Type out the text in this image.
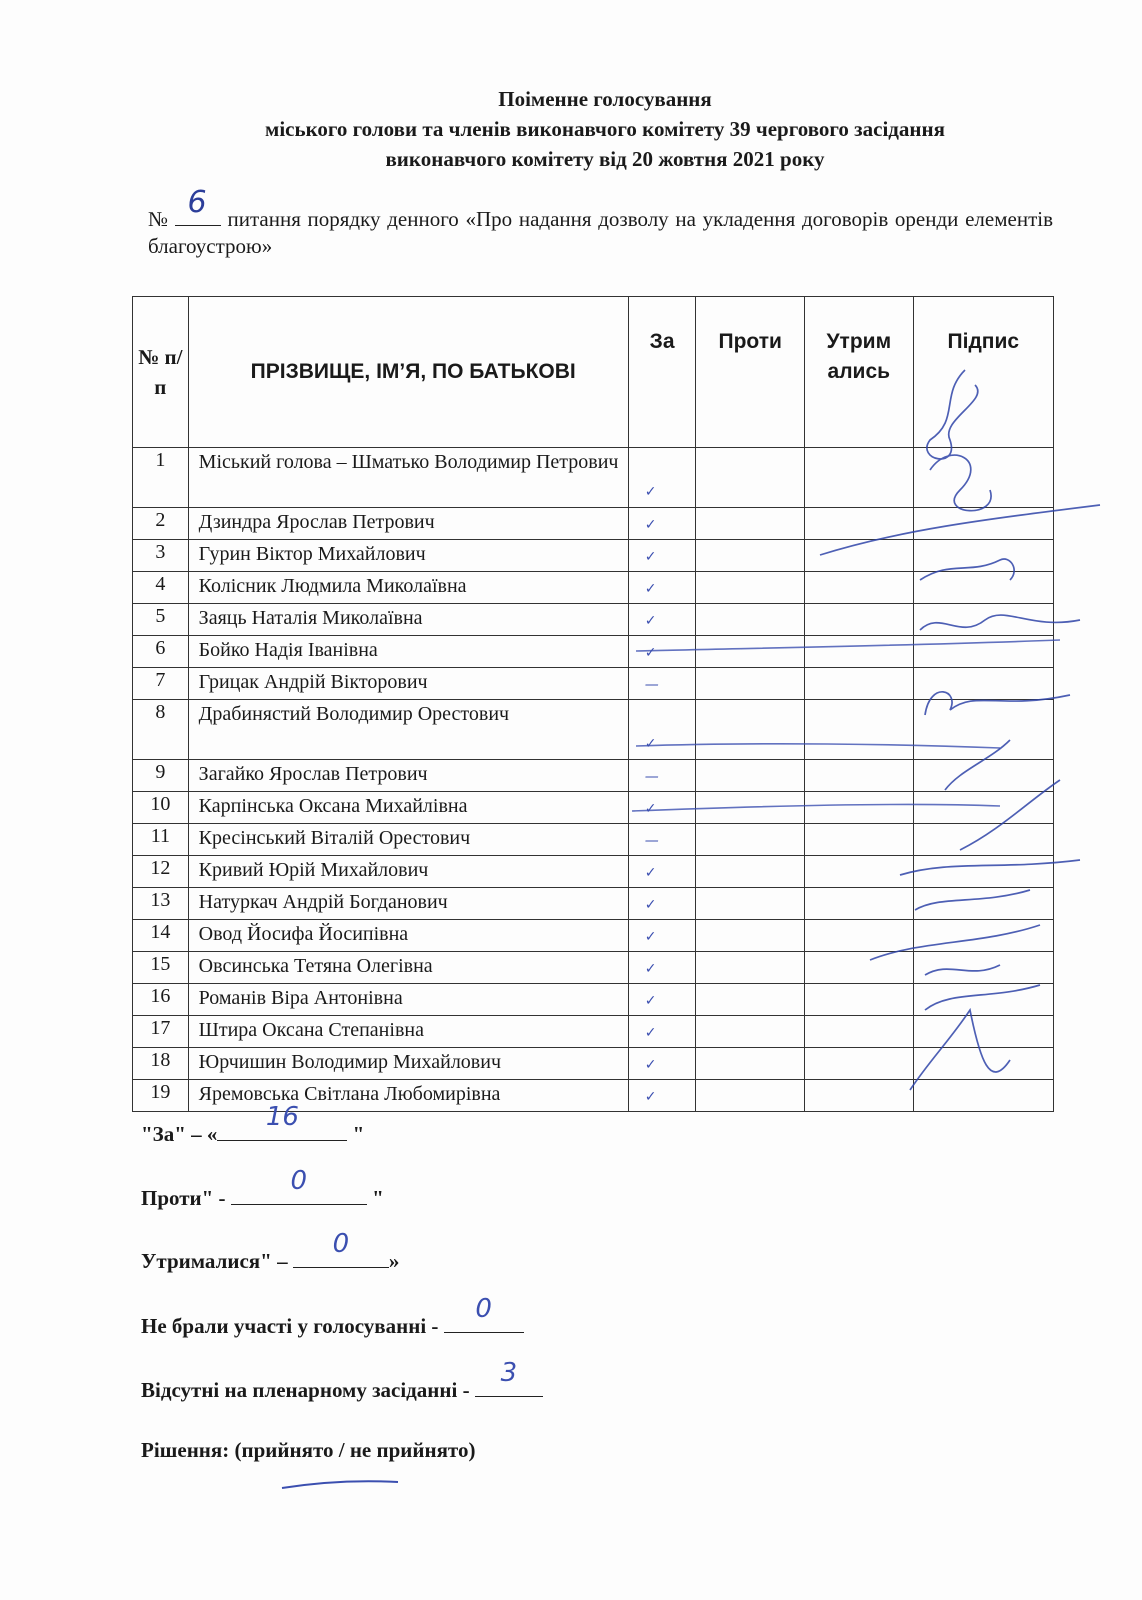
Поіменне голосування
міського голови та членів виконавчого комітету 39 чергового засідання
виконавчого комітету від 20 жовтня 2021 року
№ 6 питання порядку денного «Про надання дозволу на укладення договорів оренди елементів благоустрою»
№ п/п	ПРІЗВИЩЕ, ІМ’Я, ПО БАТЬКОВІ	За	Проти	Утрим ались	Підпис
1	Міський голова – Шматько Володимир Петрович	✓			
2	Дзиндра Ярослав Петрович	✓			
3	Гурин Віктор Михайлович	✓			
4	Колісник Людмила Миколаївна	✓			
5	Заяць Наталія Миколаївна	✓			
6	Бойко Надія Іванівна	✓			
7	Грицак Андрій Вікторович	—			
8	Драбинястий Володимир Орестович	✓			
9	Загайко Ярослав Петрович	—			
10	Карпінська Оксана Михайлівна	✓			
11	Кресінський Віталій Орестович	—			
12	Кривий Юрій Михайлович	✓			
13	Натуркач Андрій Богданович	✓			
14	Овод Йосифа Йосипівна	✓			
15	Овсинська Тетяна Олегівна	✓			
16	Романів Віра Антонівна	✓			
17	Штира Оксана Степанівна	✓			
18	Юрчишин Володимир Михайлович	✓			
19	Яремовська Світлана Любомирівна	✓			
"За" – «
16
"
Проти" -
0
"
Утрималися" –
0
»
Не брали участі у голосуванні -
0
Відсутні на пленарному засіданні -
3
Рішення: (прийнято / не прийнято)
